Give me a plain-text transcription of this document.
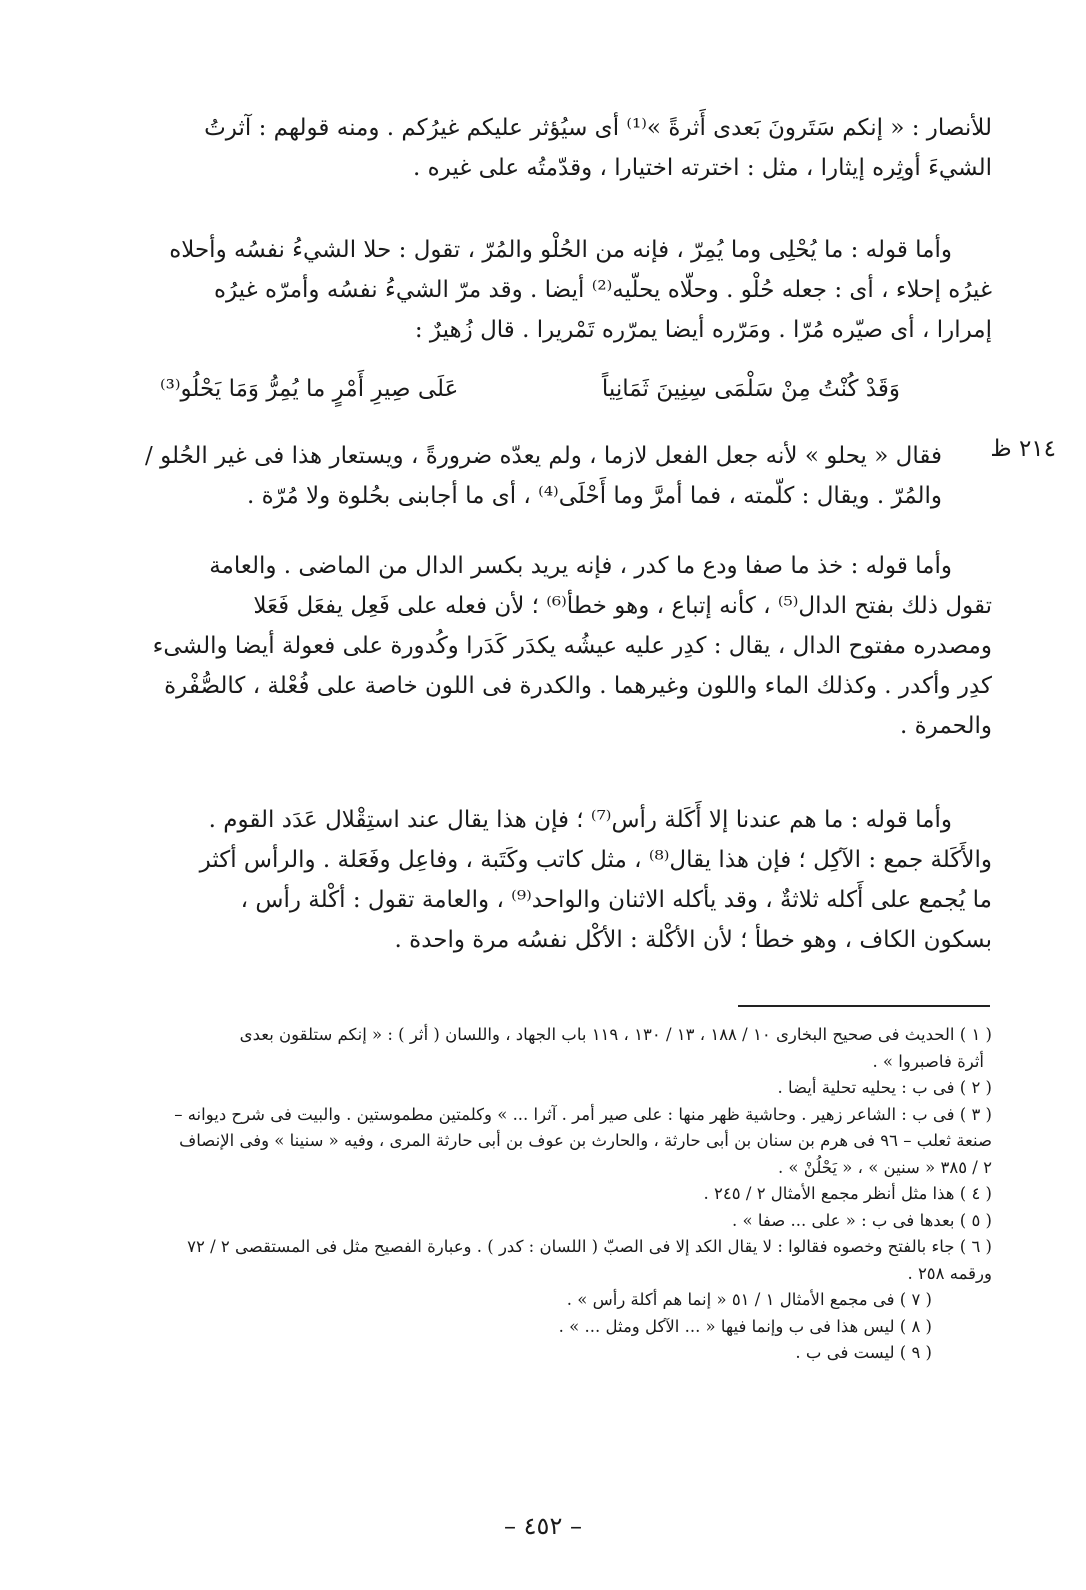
للأنصار : « إنكم سَتَرونَ بَعدى أَثرةً »⁽¹⁾ أى سيُؤثر عليكم غيرُكم . ومنه قولهم : آثرتُ
الشيءَ أوثِره إيثارا ، مثل : اخترته اختيارا ، وقدّمتُه على غيره .

وأما قوله : ما يُحْلِى وما يُمِرّ ، فإنه من الحُلْو والمُرّ ، تقول : حلا الشيءُ نفسُه وأحلاه
غيرُه إحلاء ، أى : جعله حُلْو . وحلّاه يحلّيه⁽²⁾ أيضا . وقد مرّ الشيءُ نفسُه وأمرّه غيرُه
إمرارا ، أى صيّره مُرّا . ومَرّره أيضا يمرّره تَمْريرا . قال زُهيرٌ :

وَقَدْ كُنْتُ مِنْ سَلْمَى سِنِينَ ثَمَانِياً
عَلَى صِيرِ أَمْرٍ ما يُمِرُّ وَمَا يَحْلُو⁽³⁾
٢١٤ ظ

فقال « يحلو » لأنه جعل الفعل لازما ، ولم يعدّه ضرورةً ، ويستعار هذا فى غير الحُلو /
والمُرّ . ويقال : كلّمته ، فما أمرَّ وما أَحْلَى⁽⁴⁾ ، أى ما أجابنى بحُلوة ولا مُرّة .

وأما قوله : خذ ما صفا ودع ما كدر ، فإنه يريد بكسر الدال من الماضى . والعامة
تقول ذلك بفتح الدال⁽⁵⁾ ، كأنه إتباع ، وهو خطأ⁽⁶⁾ ؛ لأن فعله على فَعِل يفعَل فَعَلا
ومصدره مفتوح الدال ، يقال : كدِر عليه عيشُه يكدَر كَدَرا وكُدورة على فعولة أيضا والشىء
كدِر وأكدر . وكذلك الماء واللون وغيرهما . والكدرة فى اللون خاصة على فُعْلة ، كالصُّفْرة
والحمرة .

وأما قوله : ما هم عندنا إلا أَكَلة رأس⁽⁷⁾ ؛ فإن هذا يقال عند استِقْلال عَدَد القوم .
والأَكَلة جمع : الآكِل ؛ فإن هذا يقال⁽⁸⁾ ، مثل كاتب وكَتَبة ، وفاعِل وفَعَلة . والرأس أكثر
ما يُجمع على أَكله ثلاثةٌ ، وقد يأكله الاثنان والواحد⁽⁹⁾ ، والعامة تقول : أكْلة رأس ،
بسكون الكاف ، وهو خطأ ؛ لأن الأكْلة : الأكْل نفسُه مرة واحدة .

( ١ ) الحديث فى صحيح البخارى ١٠ / ١٨٨ ، ١٣ / ١٣٠ ، ١١٩ باب الجهاد ، واللسان ( أثر ) : « إنكم ستلقون بعدى
أثرة فاصبروا » .
( ٢ ) فى ب : يحليه تحلية أيضا .
( ٣ ) فى ب : الشاعر زهير . وحاشية ظهر منها : على صير أمر . آثرا ... » وكلمتين مطموستين . والبيت فى شرح ديوانه –
صنعة ثعلب – ٩٦ فى هرم بن سنان بن أبى حارثة ، والحارث بن عوف بن أبى حارثة المرى ، وفيه « سنينا » وفى الإنصاف
٢ / ٣٨٥ « سنين » ، « يَحْلُنْ » .
( ٤ ) هذا مثل أنظر مجمع الأمثال ٢ / ٢٤٥ .
( ٥ ) بعدها فى ب : « على ... صفا » .
( ٦ ) جاء بالفتح وخصوه فقالوا : لا يقال الكد إلا فى الصبّ ( اللسان : كدر ) . وعبارة الفصيح مثل فى المستقصى ٢ / ٧٢
ورقمه ٢٥٨ .
( ٧ ) فى مجمع الأمثال ١ / ٥١ « إنما هم أكلة رأس » .
( ٨ ) ليس هذا فى ب وإنما فيها « ... الآكل ومثل ... » .
( ٩ ) ليست فى ب .
– ٤٥٢ –
